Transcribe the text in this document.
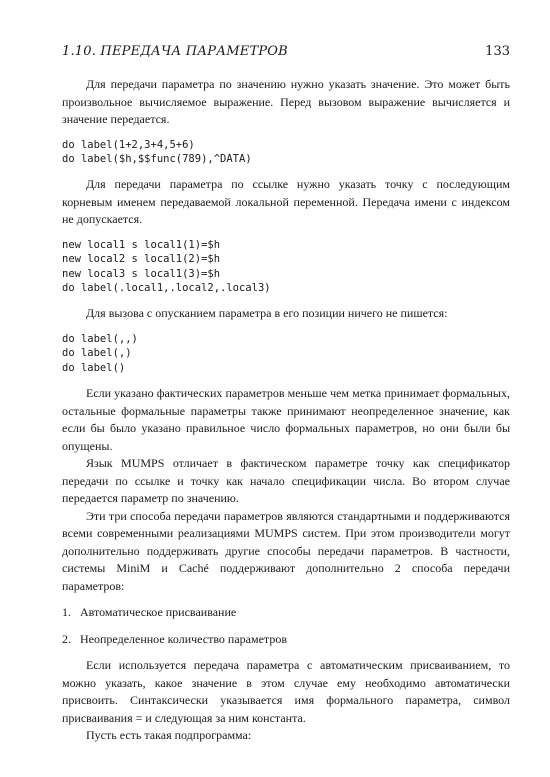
1.10. ПЕРЕДАЧА ПАРАМЕТРОВ	133

Для передачи параметра по значению нужно указать значение. Это может быть произвольное вычисляемое выражение. Перед вызовом выражение вычисляется и значение передается.

do label(1+2,3+4,5+6)
do label($h,$$func(789),^DATA)

Для передачи параметра по ссылке нужно указать точку с последующим корневым именем передаваемой локальной переменной. Передача имени с индексом не допускается.

new local1 s local1(1)=$h
new local2 s local1(2)=$h
new local3 s local1(3)=$h
do label(.local1,.local2,.local3)

Для вызова с опусканием параметра в его позиции ничего не пишется:

do label(,,)
do label(,)
do label()

Если указано фактических параметров меньше чем метка принимает формальных, остальные формальные параметры также принимают неопределенное значение, как если бы было указано правильное число формальных параметров, но они были бы опущены.

Язык MUMPS отличает в фактическом параметре точку как спецификатор передачи по ссылке и точку как начало спецификации числа. Во втором случае передается параметр по значению.

Эти три способа передачи параметров являются стандартными и поддерживаются всеми современными реализациями MUMPS систем. При этом производители могут дополнительно поддерживать другие способы передачи параметров. В частности, системы MiniM и Caché поддерживают дополнительно 2 способа передачи параметров:

1. Автоматическое присваивание
2. Неопределенное количество параметров

Если используется передача параметра с автоматическим присваиванием, то можно указать, какое значение в этом случае ему необходимо автоматически присвоить. Синтаксически указывается имя формального параметра, символ присваивания = и следующая за ним константа.

Пусть есть такая подпрограмма:
